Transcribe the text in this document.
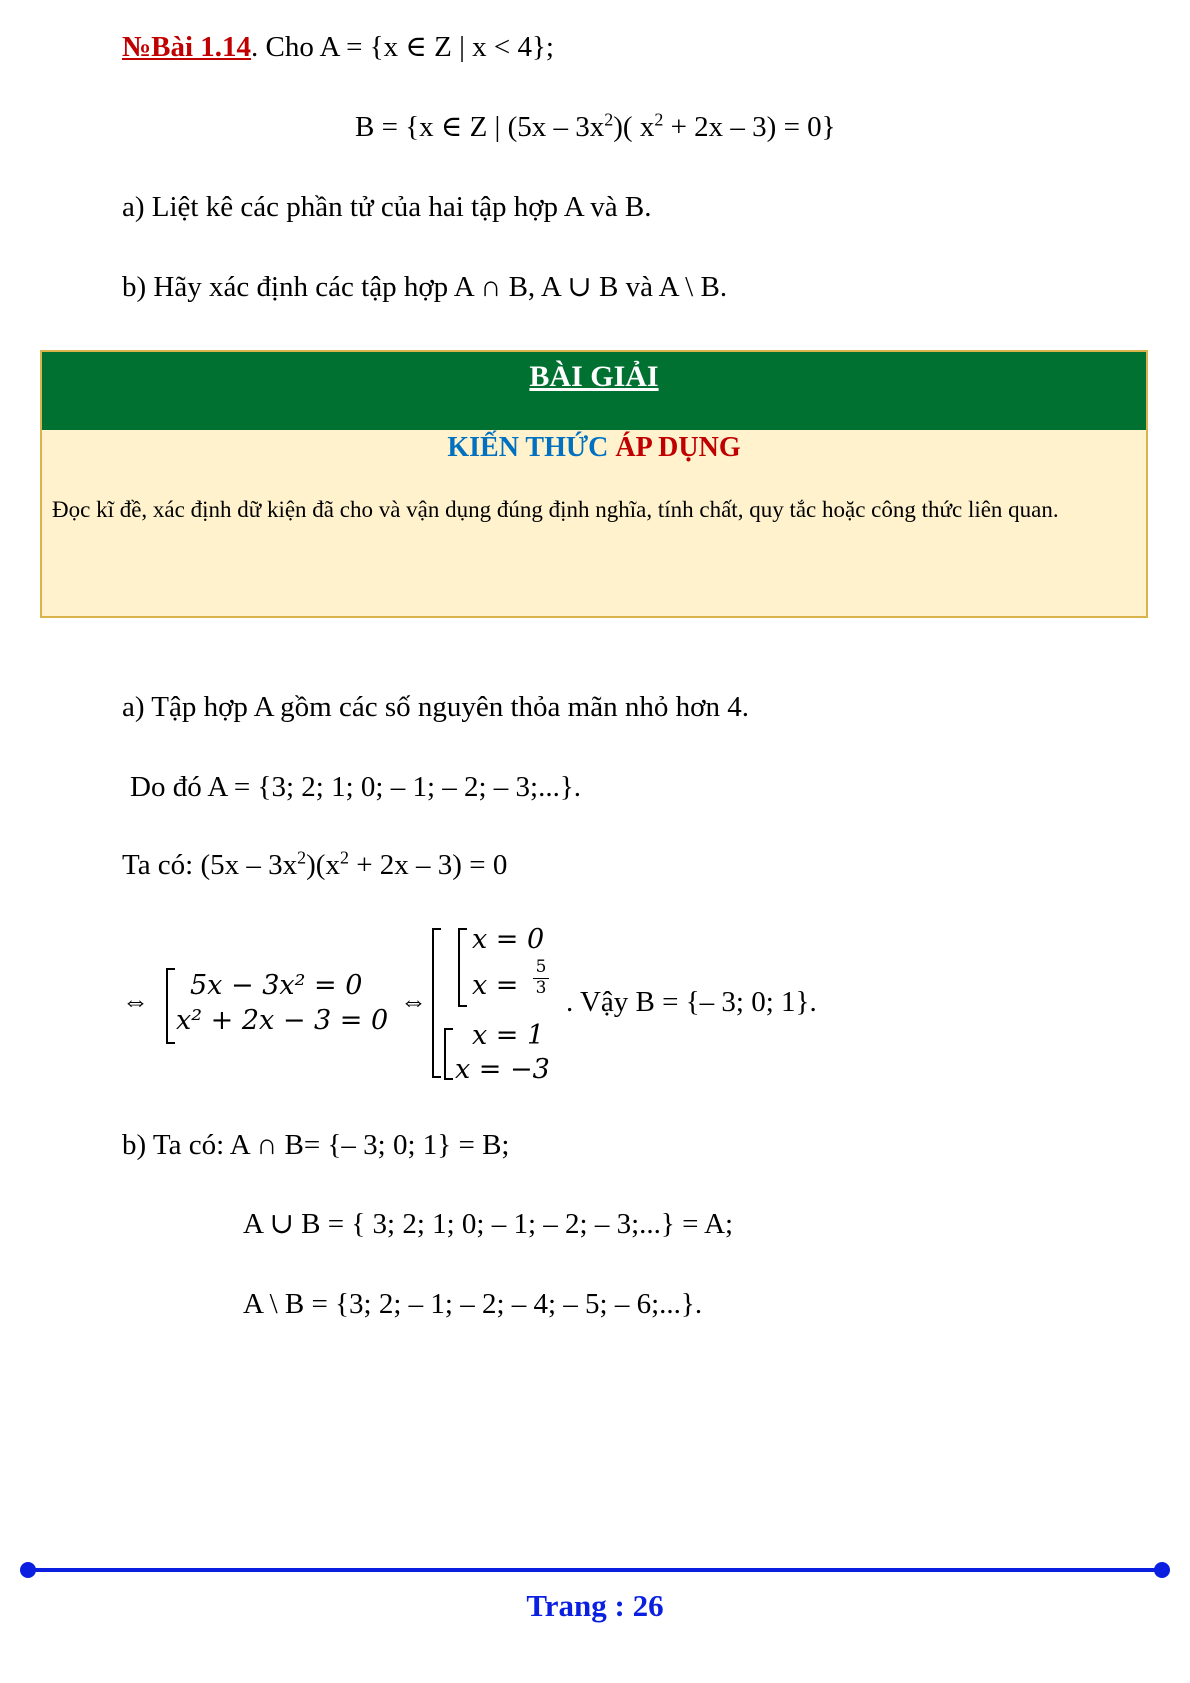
№Bài 1.14. Cho A = {x ∈ Z | x < 4};
B = {x ∈ Z | $(5x - 3x^2)$( $x^2 + 2x - 3) = 0$}
a) Liệt kê các phần tử của hai tập hợp A và B.
b) Hãy xác định các tập hợp A ∩ B, A ∪ B và A \ B.
BÀI GIẢI
KIẾN THỨC ÁP DỤNG
Đọc kĩ đề, xác định dữ kiện đã cho và vận dụng đúng định nghĩa, tính chất, quy tắc hoặc công thức liên quan.
a) Tập hợp A gồm các số nguyên thỏa mãn nhỏ hơn 4.
Do đó A = {3; 2; 1; 0; – 1; – 2; – 3;...}.
Ta có: $(5x - 3x^2)(x^2 + 2x - 3) = 0$
⇔ 5x − 3x² = 0
x² + 2x − 3 = 0
⇔
x = 0
$x = \frac{5}{3}$
. Vậy B = {– 3; 0; 1}.
x = 1
x = −3
b) Ta có: A ∩ B= {– 3; 0; 1} = B;
A ∪ B = { 3; 2; 1; 0; – 1; – 2; – 3;...} = A;
A \ B = {3; 2; – 1; – 2; – 4; – 5; – 6;...}.
Trang : 26
